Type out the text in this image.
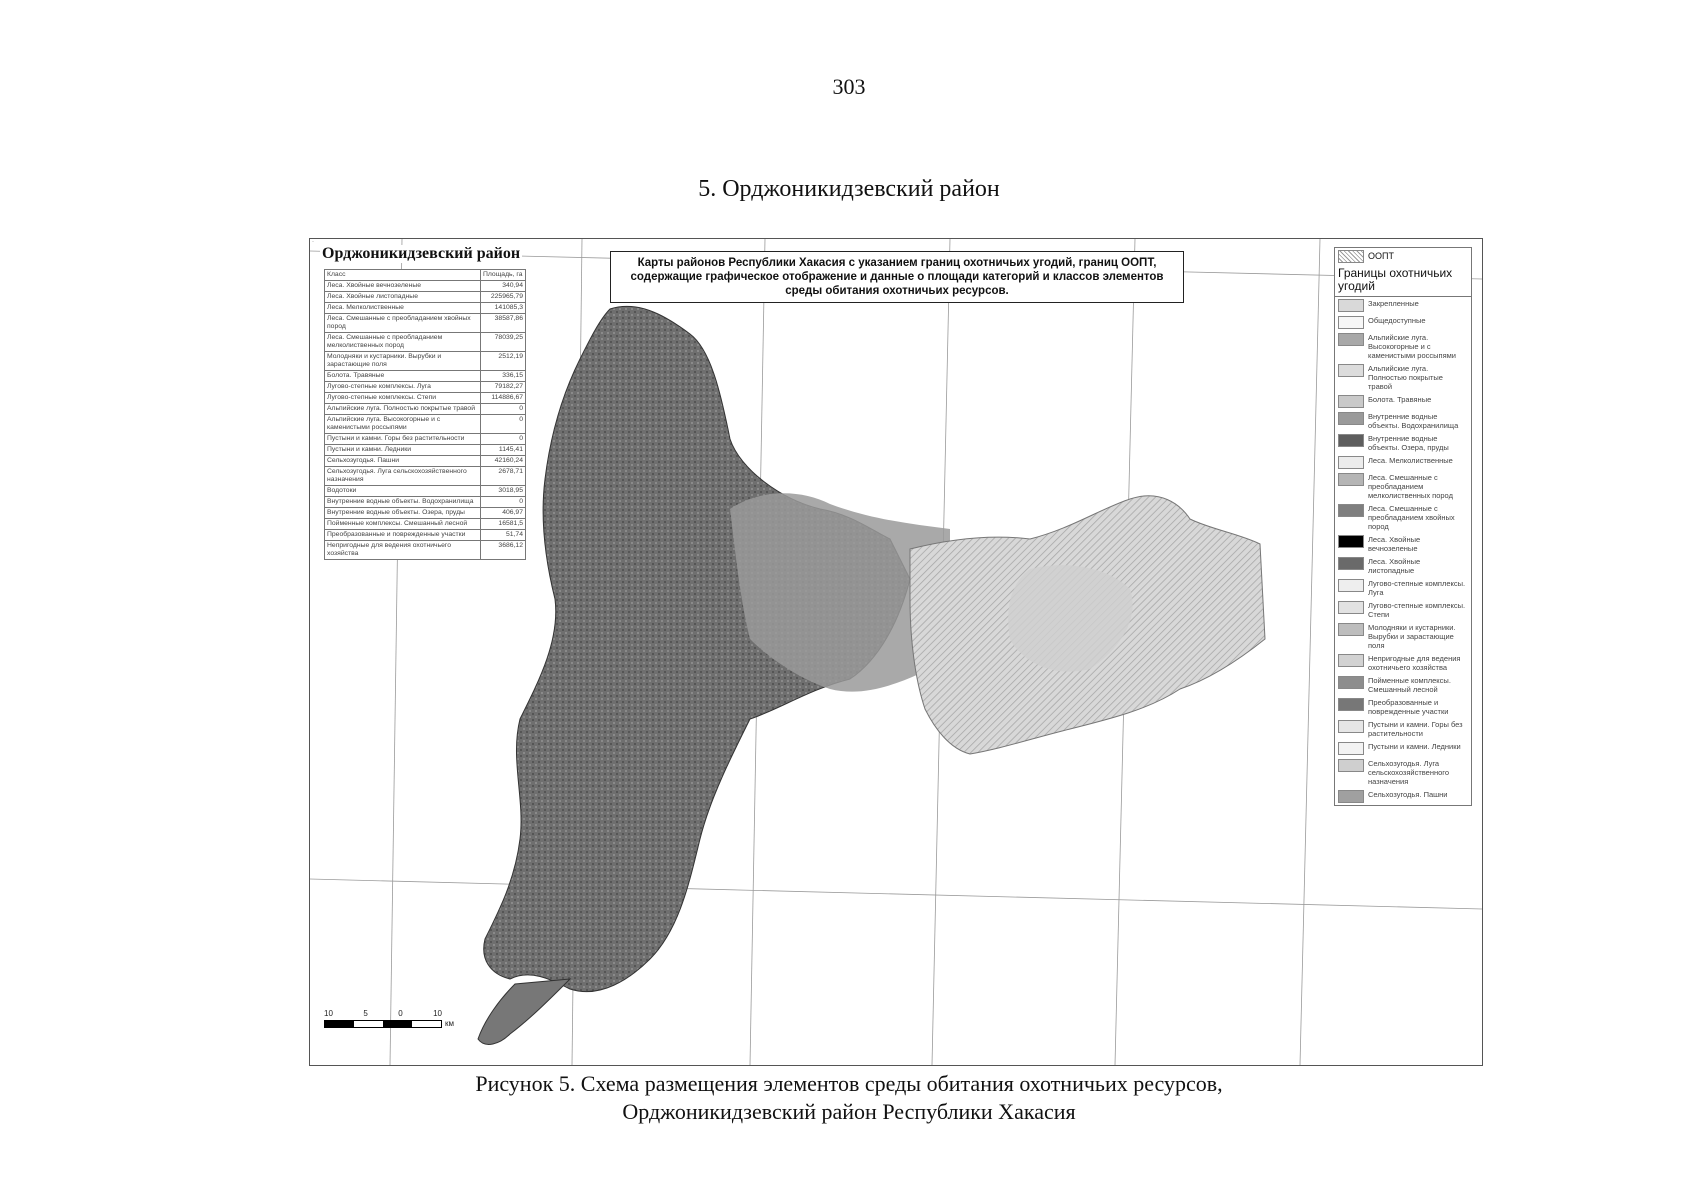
303
5. Орджоникидзевский район
·
Орджоникидзевский район
Класс	Площадь, га
Леса. Хвойные вечнозеленые	340,94
Леса. Хвойные листопадные	225965,79
Леса. Мелколиственные	141085,3
Леса. Смешанные с преобладанием хвойных пород	38587,86
Леса. Смешанные с преобладанием мелколиственных пород	78039,25
Молодняки и кустарники. Вырубки и зарастающие поля	2512,19
Болота. Травяные	336,15
Лугово-степные комплексы. Луга	79182,27
Лугово-степные комплексы. Степи	114886,67
Альпийские луга. Полностью покрытые травой	0
Альпийские луга. Высокогорные и с каменистыми россыпями	0
Пустыни и камни. Горы без растительности	0
Пустыни и камни. Ледники	1145,41
Сельхозугодья. Пашни	42160,24
Сельхозугодья. Луга сельскохозяйственного назначения	2678,71
Водотоки	3018,95
Внутренние водные объекты. Водохранилища	0
Внутренние водные объекты. Озера, пруды	406,97
Пойменные комплексы. Смешанный лесной	16581,5
Преобразованные и поврежденные участки	51,74
Непригодные для ведения охотничьего хозяйства	3686,12
Карты районов Республики Хакасия с указанием границ охотничьих угодий, границ ООПТ, содержащие графическое отображение и данные о площади категорий и классов элементов среды обитания охотничьих ресурсов.
ООПТ
Границы охотничьих угодий
Закрепленные
Общедоступные
Альпийские луга. Высокогорные и с каменистыми россыпями
Альпийские луга. Полностью покрытые травой
Болота. Травяные
Внутренние водные объекты. Водохранилища
Внутренние водные объекты. Озера, пруды
Леса. Мелколиственные
Леса. Смешанные с преобладанием мелколиственных пород
Леса. Смешанные с преобладанием хвойных пород
Леса. Хвойные вечнозеленые
Леса. Хвойные листопадные
Лугово-степные комплексы. Луга
Лугово-степные комплексы. Степи
Молодняки и кустарники. Вырубки и зарастающие поля
Непригодные для ведения охотничьего хозяйства
Пойменные комплексы. Смешанный лесной
Преобразованные и поврежденные участки
Пустыни и камни. Горы без растительности
Пустыни и камни. Ледники
Сельхозугодья. Луга сельскохозяйственного назначения
Сельхозугодья. Пашни
10	5	0	10
км
Рисунок 5. Схема размещения элементов среды обитания охотничьих ресурсов,
Орджоникидзевский район Республики Хакасия
